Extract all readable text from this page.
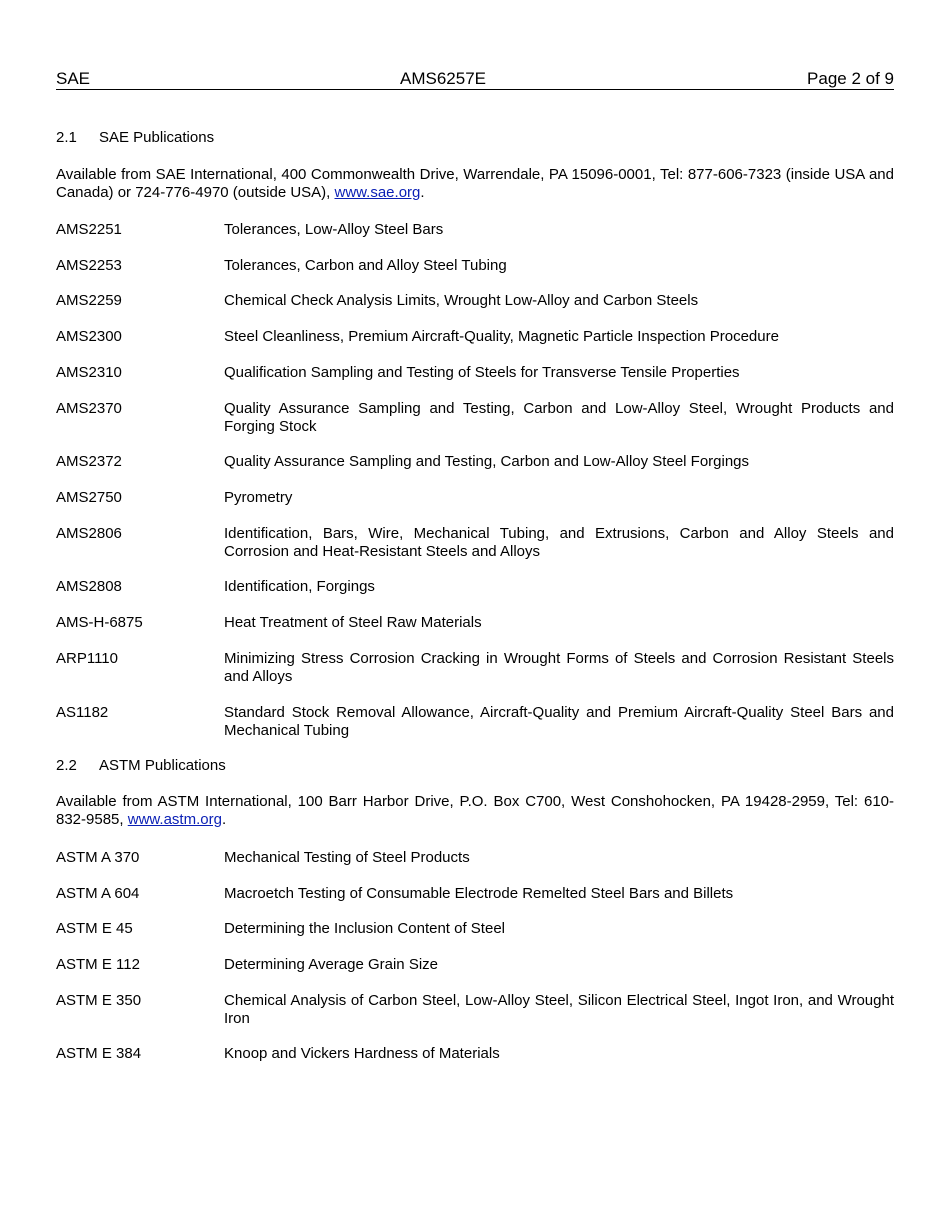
SAE	AMS6257E	Page 2 of 9
2.1 SAE Publications
Available from SAE International, 400 Commonwealth Drive, Warrendale, PA 15096-0001, Tel: 877-606-7323 (inside USA and Canada) or 724-776-4970 (outside USA), www.sae.org.
AMS2251	Tolerances, Low-Alloy Steel Bars
AMS2253	Tolerances, Carbon and Alloy Steel Tubing
AMS2259	Chemical Check Analysis Limits, Wrought Low-Alloy and Carbon Steels
AMS2300	Steel Cleanliness, Premium Aircraft-Quality, Magnetic Particle Inspection Procedure
AMS2310	Qualification Sampling and Testing of Steels for Transverse Tensile Properties
AMS2370	Quality Assurance Sampling and Testing, Carbon and Low-Alloy Steel, Wrought Products and Forging Stock
AMS2372	Quality Assurance Sampling and Testing, Carbon and Low-Alloy Steel Forgings
AMS2750	Pyrometry
AMS2806	Identification, Bars, Wire, Mechanical Tubing, and Extrusions, Carbon and Alloy Steels and Corrosion and Heat-Resistant Steels and Alloys
AMS2808	Identification, Forgings
AMS-H-6875	Heat Treatment of Steel Raw Materials
ARP1110	Minimizing Stress Corrosion Cracking in Wrought Forms of Steels and Corrosion Resistant Steels and Alloys
AS1182	Standard Stock Removal Allowance, Aircraft-Quality and Premium Aircraft-Quality Steel Bars and Mechanical Tubing
2.2 ASTM Publications
Available from ASTM International, 100 Barr Harbor Drive, P.O. Box C700, West Conshohocken, PA 19428-2959, Tel: 610-832-9585, www.astm.org.
ASTM A 370	Mechanical Testing of Steel Products
ASTM A 604	Macroetch Testing of Consumable Electrode Remelted Steel Bars and Billets
ASTM E 45	Determining the Inclusion Content of Steel
ASTM E 112	Determining Average Grain Size
ASTM E 350	Chemical Analysis of Carbon Steel, Low-Alloy Steel, Silicon Electrical Steel, Ingot Iron, and Wrought Iron
ASTM E 384	Knoop and Vickers Hardness of Materials
